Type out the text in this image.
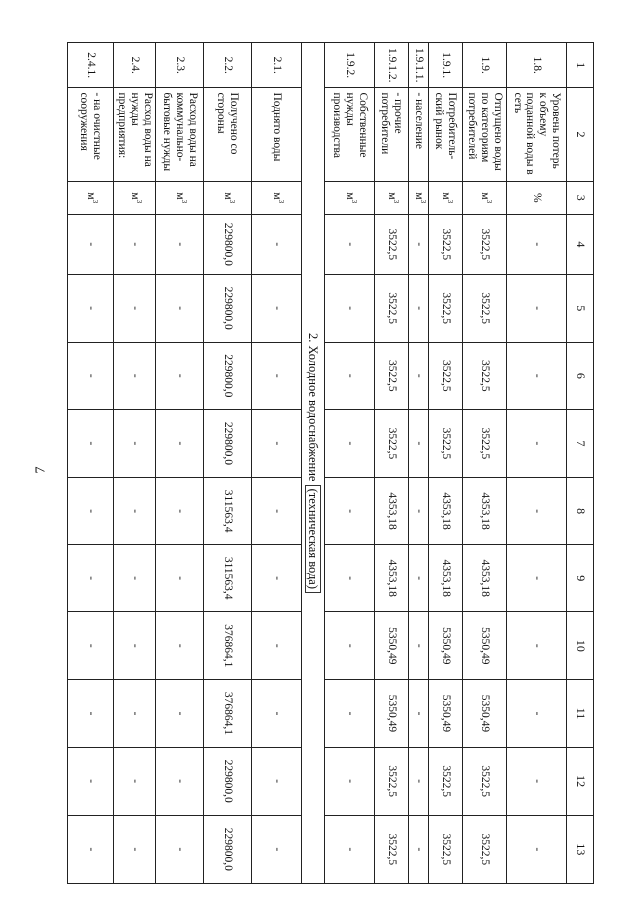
7
1	2	3	4	5	6	7	8	9	10	11	12	13
1.8.	Уровень потерь к объему поданной воды в сеть	%	-	-	-	-	-	-	-	-	-	-
1.9.	Отпущено воды по категориям потребителей	$м^3$	3522,5	3522,5	3522,5	3522,5	4353,18	4353,18	5350,49	5350,49	3522,5	3522,5
1.9.1.	Потребитель- ский рынок	$м^3$	3522,5	3522,5	3522,5	3522,5	4353,18	4353,18	5350,49	5350,49	3522,5	3522,5
1.9.1.1.	- население	$м^3$	-	-	-	-	-	-	-	-	-	-
1.9.1.2.	- прочие потребители	$м^3$	3522,5	3522,5	3522,5	3522,5	4353,18	4353,18	5350,49	5350,49	3522,5	3522,5
1.9.2.	Собственные нужды производства	$м^3$	-	-	-	-	-	-	-	-	-	-
2. Холодное водоснабжение (техническая вода)												
2.1.	Поднято воды	$м^3$	-	-	-	-	-	-	-	-	-	-
2.2.	Получено со стороны	$м^3$	229800,0	229800,0	229800,0	229800,0	311563,4	311563,4	376864,1	376864,1	229800,0	229800,0
2.3.	Расход воды на коммунально-бытовые нужды	$м^3$	-	-	-	-	-	-	-	-	-	-
2.4.	Расход воды на нужды предприятия:	$м^3$	-	-	-	-	-	-	-	-	-	-
2.4.1.	- на очистные сооружения	$м^3$	-	-	-	-	-	-	-	-	-	-
